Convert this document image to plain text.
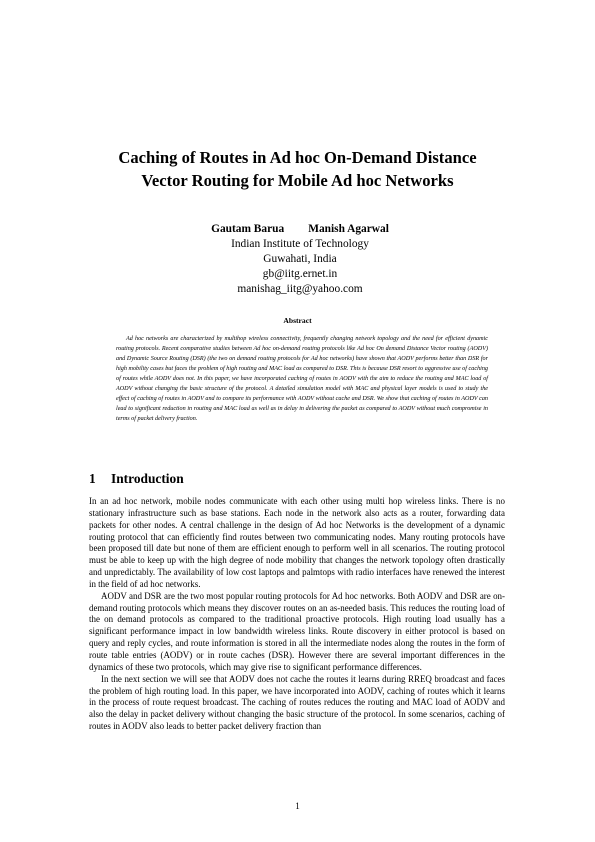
Caching of Routes in Ad hoc On-Demand Distance
Vector Routing for Mobile Ad hoc Networks
Gautam Barua Manish Agarwal
Indian Institute of Technology
Guwahati, India
gb@iitg.ernet.in
manishag_iitg@yahoo.com
Abstract
Ad hoc networks are characterized by multihop wireless connectivity, frequently changing network topology and the need for efficient dynamic routing protocols. Recent comparative studies between Ad hoc on-demand routing protocols like Ad hoc On demand Distance Vector routing (AODV) and Dynamic Source Routing (DSR) (the two on demand routing protocols for Ad hoc networks) have shown that AODV performs better than DSR for high mobility cases but faces the problem of high routing and MAC load as compared to DSR. This is because DSR resort to aggressive use of caching of routes while AODV does not. In this paper, we have incorporated caching of routes in AODV with the aim to reduce the routing and MAC load of AODV without changing the basic structure of the protocol. A detailed simulation model with MAC and physical layer models is used to study the effect of caching of routes in AODV and to compare its performance with AODV without cache and DSR. We show that caching of routes in AODV can lead to significant reduction in routing and MAC load as well as in delay in delivering the packet as compared to AODV without much compromise in terms of packet delivery fraction.
1 Introduction

In an ad hoc network, mobile nodes communicate with each other using multi hop wireless links. There is no stationary infrastructure such as base stations. Each node in the network also acts as a router, forwarding data packets for other nodes. A central challenge in the design of Ad hoc Networks is the development of a dynamic routing protocol that can efficiently find routes between two communicating nodes. Many routing protocols have been proposed till date but none of them are efficient enough to perform well in all scenarios. The routing protocol must be able to keep up with the high degree of node mobility that changes the network topology often drastically and unpredictably. The availability of low cost laptops and palmtops with radio interfaces have renewed the interest in the field of ad hoc networks.

AODV and DSR are the two most popular routing protocols for Ad hoc networks. Both AODV and DSR are on-demand routing protocols which means they discover routes on an as-needed basis. This reduces the routing load of the on demand protocols as compared to the traditional proactive protocols. High routing load usually has a significant performance impact in low bandwidth wireless links. Route discovery in either protocol is based on query and reply cycles, and route information is stored in all the intermediate nodes along the routes in the form of route table entries (AODV) or in route caches (DSR). However there are several important differences in the dynamics of these two protocols, which may give rise to significant performance differences.

In the next section we will see that AODV does not cache the routes it learns during RREQ broadcast and faces the problem of high routing load. In this paper, we have incorporated into AODV, caching of routes which it learns in the process of route request broadcast. The caching of routes reduces the routing and MAC load of AODV and also the delay in packet delivery without changing the basic structure of the protocol. In some scenarios, caching of routes in AODV also leads to better packet delivery fraction than

1
